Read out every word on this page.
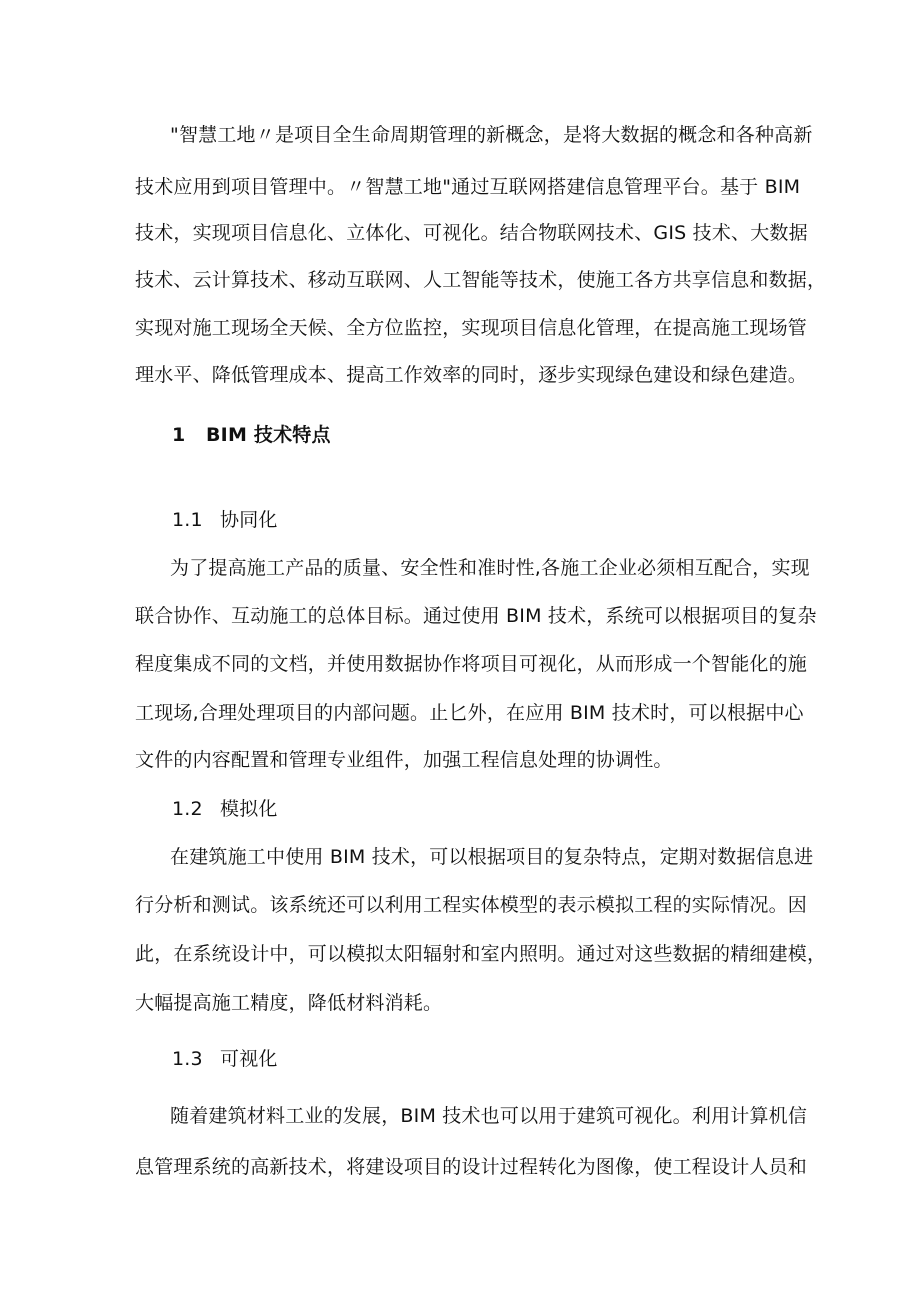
"智慧工地〃是项目全生命周期管理的新概念，是将大数据的概念和各种高新
技术应用到项目管理中。〃智慧工地"通过互联网搭建信息管理平台。基于 BIM
技术，实现项目信息化、立体化、可视化。结合物联网技术、GIS 技术、大数据
技术、云计算技术、移动互联网、人工智能等技术，使施工各方共享信息和数据，
实现对施工现场全天候、全方位监控，实现项目信息化管理，在提高施工现场管
理水平、降低管理成本、提高工作效率的同时，逐步实现绿色建设和绿色建造。
1 BIM 技术特点
1.1 协同化
为了提高施工产品的质量、安全性和准时性,各施工企业必须相互配合，实现
联合协作、互动施工的总体目标。通过使用 BIM 技术，系统可以根据项目的复杂
程度集成不同的文档，并使用数据协作将项目可视化，从而形成一个智能化的施
工现场,合理处理项目的内部问题。止匕外，在应用 BIM 技术时，可以根据中心
文件的内容配置和管理专业组件，加强工程信息处理的协调性。
1.2 模拟化
在建筑施工中使用 BIM 技术，可以根据项目的复杂特点，定期对数据信息进
行分析和测试。该系统还可以利用工程实体模型的表示模拟工程的实际情况。因
此，在系统设计中，可以模拟太阳辐射和室内照明。通过对这些数据的精细建模，
大幅提高施工精度，降低材料消耗。
1.3 可视化
随着建筑材料工业的发展，BIM 技术也可以用于建筑可视化。利用计算机信
息管理系统的高新技术，将建设项目的设计过程转化为图像，使工程设计人员和
